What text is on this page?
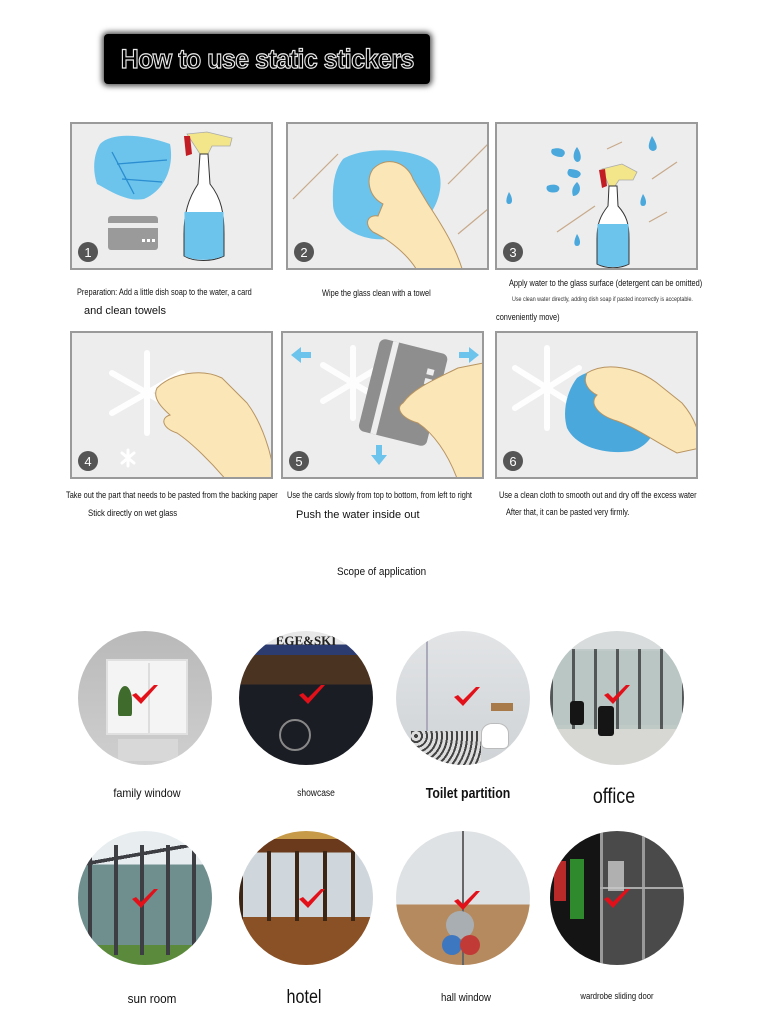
How to use static stickers
1	2	3
4	5	6
Preparation: Add a little dish soap to the water, a card
and clean towels
Wipe the glass clean with a towel
Apply water to the glass surface (detergent can be omitted)
Use clean water directly, adding dish soap if pasted incorrectly is acceptable.
conveniently move)
Take out the part that needs to be pasted from the backing paper
Stick directly on wet glass
Use the cards slowly from top to bottom, from left to right
Push the water inside out
Use a clean cloth to smooth out and dry off the excess water
After that, it can be pasted very firmly.
Scope of application
EGE&SKI
family window	showcase	Toilet partition	office
sun room	hotel	hall window	wardrobe sliding door
